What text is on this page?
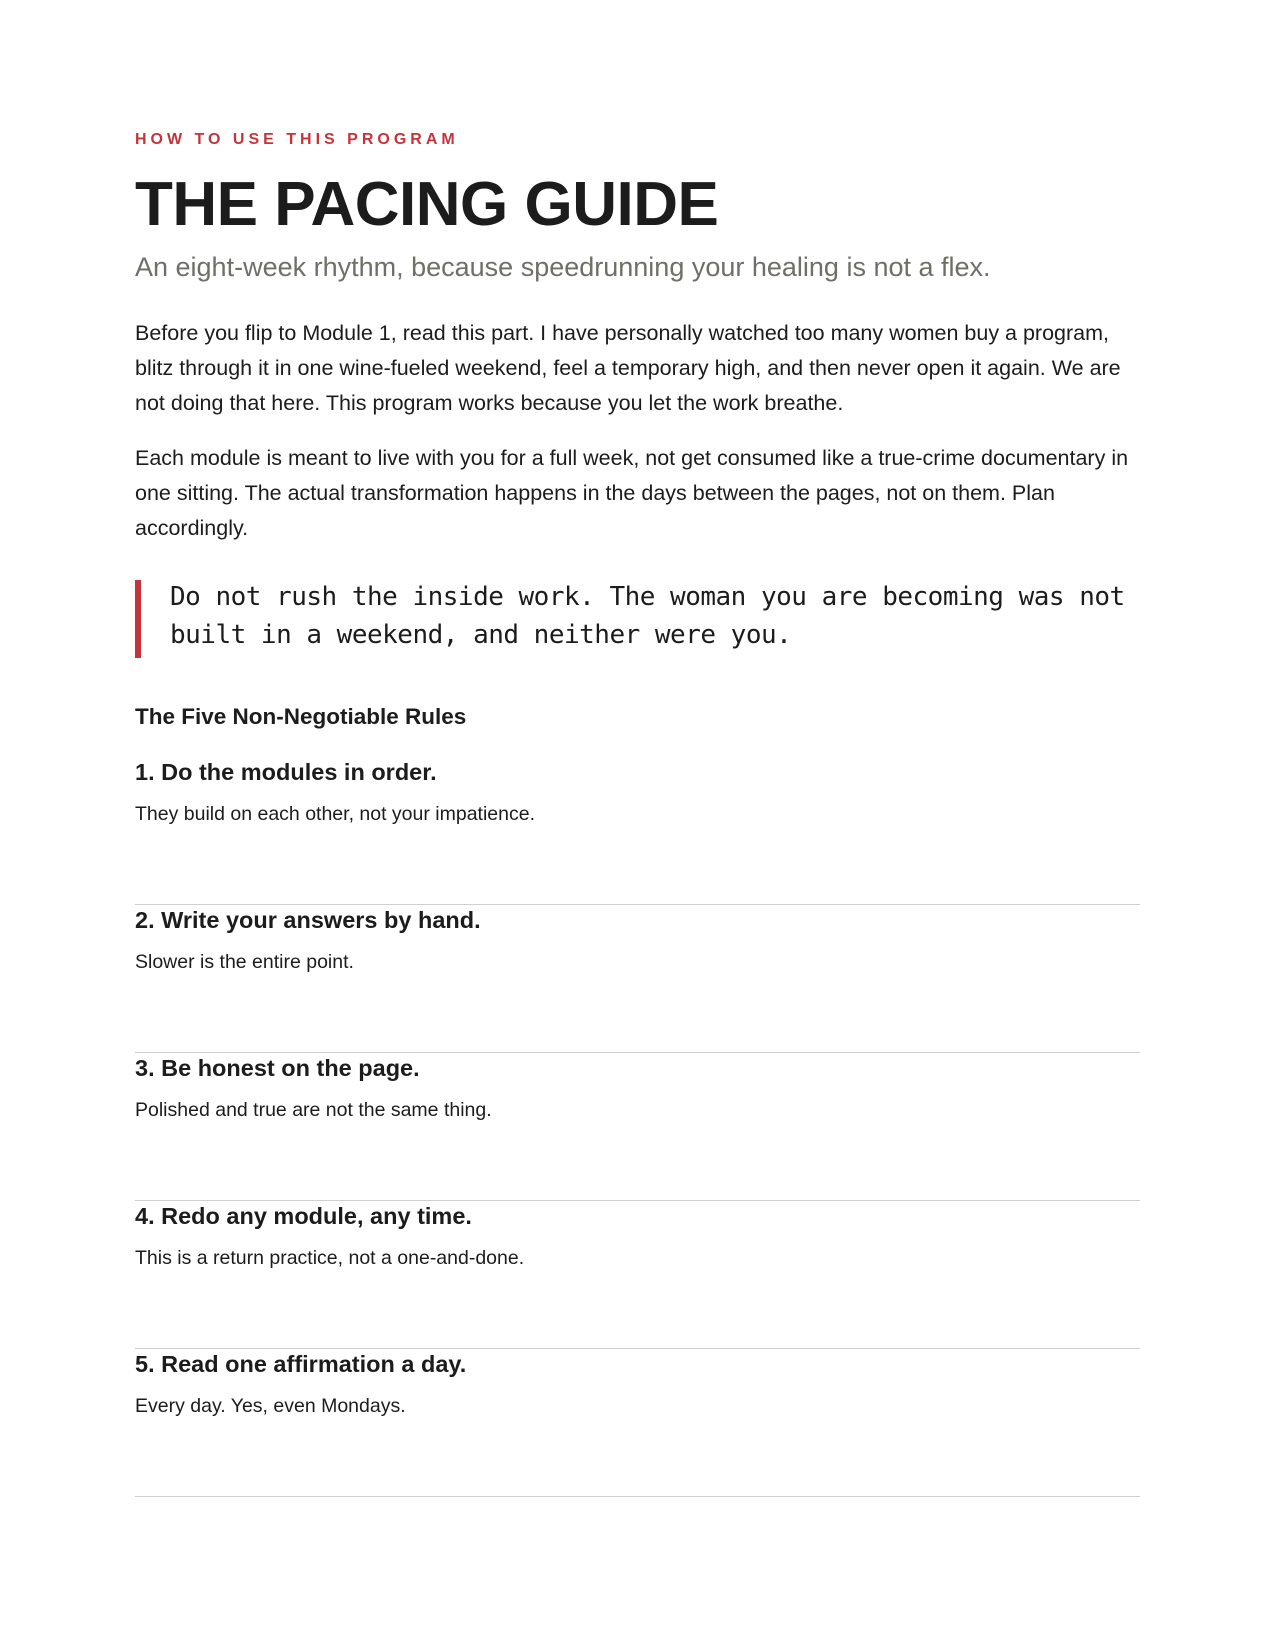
HOW TO USE THIS PROGRAM
THE PACING GUIDE
An eight-week rhythm, because speedrunning your healing is not a flex.

Before you flip to Module 1, read this part. I have personally watched too many women buy a program, blitz through it in one wine-fueled weekend, feel a temporary high, and then never open it again. We are not doing that here. This program works because you let the work breathe.

Each module is meant to live with you for a full week, not get consumed like a true-crime documentary in one sitting. The actual transformation happens in the days between the pages, not on them. Plan accordingly.

Do not rush the inside work. The woman you are becoming was not built in a weekend, and neither were you.
The Five Non-Negotiable Rules
1. Do the modules in order.
They build on each other, not your impatience.
2. Write your answers by hand.
Slower is the entire point.
3. Be honest on the page.
Polished and true are not the same thing.
4. Redo any module, any time.
This is a return practice, not a one-and-done.
5. Read one affirmation a day.
Every day. Yes, even Mondays.
